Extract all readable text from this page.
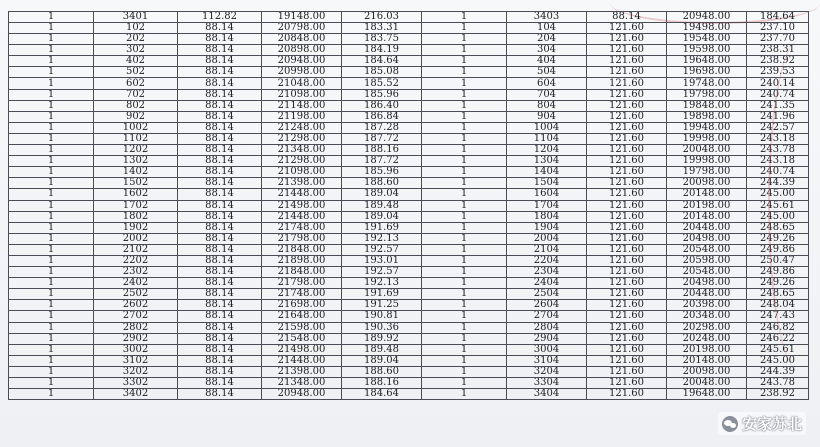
1	3401	112.82	19148.00	216.03	1	3403	88.14	20948.00	184.64
1	102	88.14	20798.00	183.31	1	104	121.60	19498.00	237.10
1	202	88.14	20848.00	183.75	1	204	121.60	19548.00	237.70
1	302	88.14	20898.00	184.19	1	304	121.60	19598.00	238.31
1	402	88.14	20948.00	184.64	1	404	121.60	19648.00	238.92
1	502	88.14	20998.00	185.08	1	504	121.60	19698.00	239.53
1	602	88.14	21048.00	185.52	1	604	121.60	19748.00	240.14
1	702	88.14	21098.00	185.96	1	704	121.60	19798.00	240.74
1	802	88.14	21148.00	186.40	1	804	121.60	19848.00	241.35
1	902	88.14	21198.00	186.84	1	904	121.60	19898.00	241.96
1	1002	88.14	21248.00	187.28	1	1004	121.60	19948.00	242.57
1	1102	88.14	21298.00	187.72	1	1104	121.60	19998.00	243.18
1	1202	88.14	21348.00	188.16	1	1204	121.60	20048.00	243.78
1	1302	88.14	21298.00	187.72	1	1304	121.60	19998.00	243.18
1	1402	88.14	21098.00	185.96	1	1404	121.60	19798.00	240.74
1	1502	88.14	21398.00	188.60	1	1504	121.60	20098.00	244.39
1	1602	88.14	21448.00	189.04	1	1604	121.60	20148.00	245.00
1	1702	88.14	21498.00	189.48	1	1704	121.60	20198.00	245.61
1	1802	88.14	21448.00	189.04	1	1804	121.60	20148.00	245.00
1	1902	88.14	21748.00	191.69	1	1904	121.60	20448.00	248.65
1	2002	88.14	21798.00	192.13	1	2004	121.60	20498.00	249.26
1	2102	88.14	21848.00	192.57	1	2104	121.60	20548.00	249.86
1	2202	88.14	21898.00	193.01	1	2204	121.60	20598.00	250.47
1	2302	88.14	21848.00	192.57	1	2304	121.60	20548.00	249.86
1	2402	88.14	21798.00	192.13	1	2404	121.60	20498.00	249.26
1	2502	88.14	21748.00	191.69	1	2504	121.60	20448.00	248.65
1	2602	88.14	21698.00	191.25	1	2604	121.60	20398.00	248.04
1	2702	88.14	21648.00	190.81	1	2704	121.60	20348.00	247.43
1	2802	88.14	21598.00	190.36	1	2804	121.60	20298.00	246.82
1	2902	88.14	21548.00	189.92	1	2904	121.60	20248.00	246.22
1	3002	88.14	21498.00	189.48	1	3004	121.60	20198.00	245.61
1	3102	88.14	21448.00	189.04	1	3104	121.60	20148.00	245.00
1	3202	88.14	21398.00	188.60	1	3204	121.60	20098.00	244.39
1	3302	88.14	21348.00	188.16	1	3304	121.60	20048.00	243.78
1	3402	88.14	20948.00	184.64	1	3404	121.60	19648.00	238.92
安家苏北
